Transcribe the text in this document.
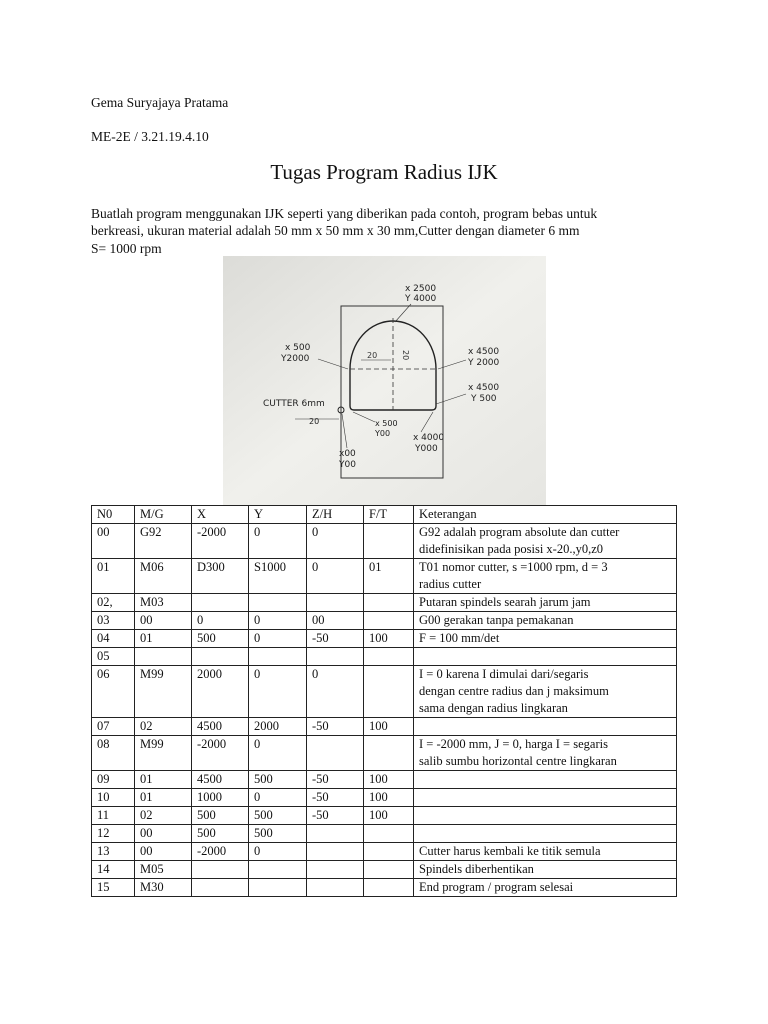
Gema Suryajaya Pratama
ME-2E / 3.21.19.4.10
Tugas Program Radius IJK
Buatlah program menggunakan IJK seperti yang diberikan pada contoh, program bebas untuk
berkreasi, ukuran material adalah 50 mm x 50 mm x 30 mm,Cutter dengan diameter 6 mm
S= 1000 rpm
20	20
x 2500
Y 4000
x 500
Y2000
x 4500
Y 2000
x 4500
Y 500
CUTTER 6mm
20	x 500
Y00	x 4000
Y000
x00
Y00
N0	M/G	X	Y	Z/H	F/T	Keterangan
00	G92	-2000	0	0		G92 adalah program absolute dan cutter
didefinisikan pada posisi x-20.,y0,z0

01	M06	D300	S1000	0	01	T01 nomor cutter, s =1000 rpm, d = 3
radius cutter

02,	M03					Putaran spindels searah jarum jam

03	00	0	0	00		G00 gerakan tanpa pemakanan

04	01	500	0	-50	100	F = 100 mm/det

05						
06	M99	2000	0	0		I = 0 karena I dimulai dari/segaris
dengan centre radius dan j maksimum
sama dengan radius lingkaran

07	02	4500	2000	-50	100	
08	M99	-2000	0			I = -2000 mm, J = 0, harga I = segaris
salib sumbu horizontal centre lingkaran

09	01	4500	500	-50	100	
10	01	1000	0	-50	100	
11	02	500	500	-50	100	
12	00	500	500			
13	00	-2000	0			Cutter harus kembali ke titik semula

14	M05					Spindels diberhentikan

15	M30					End program / program selesai
